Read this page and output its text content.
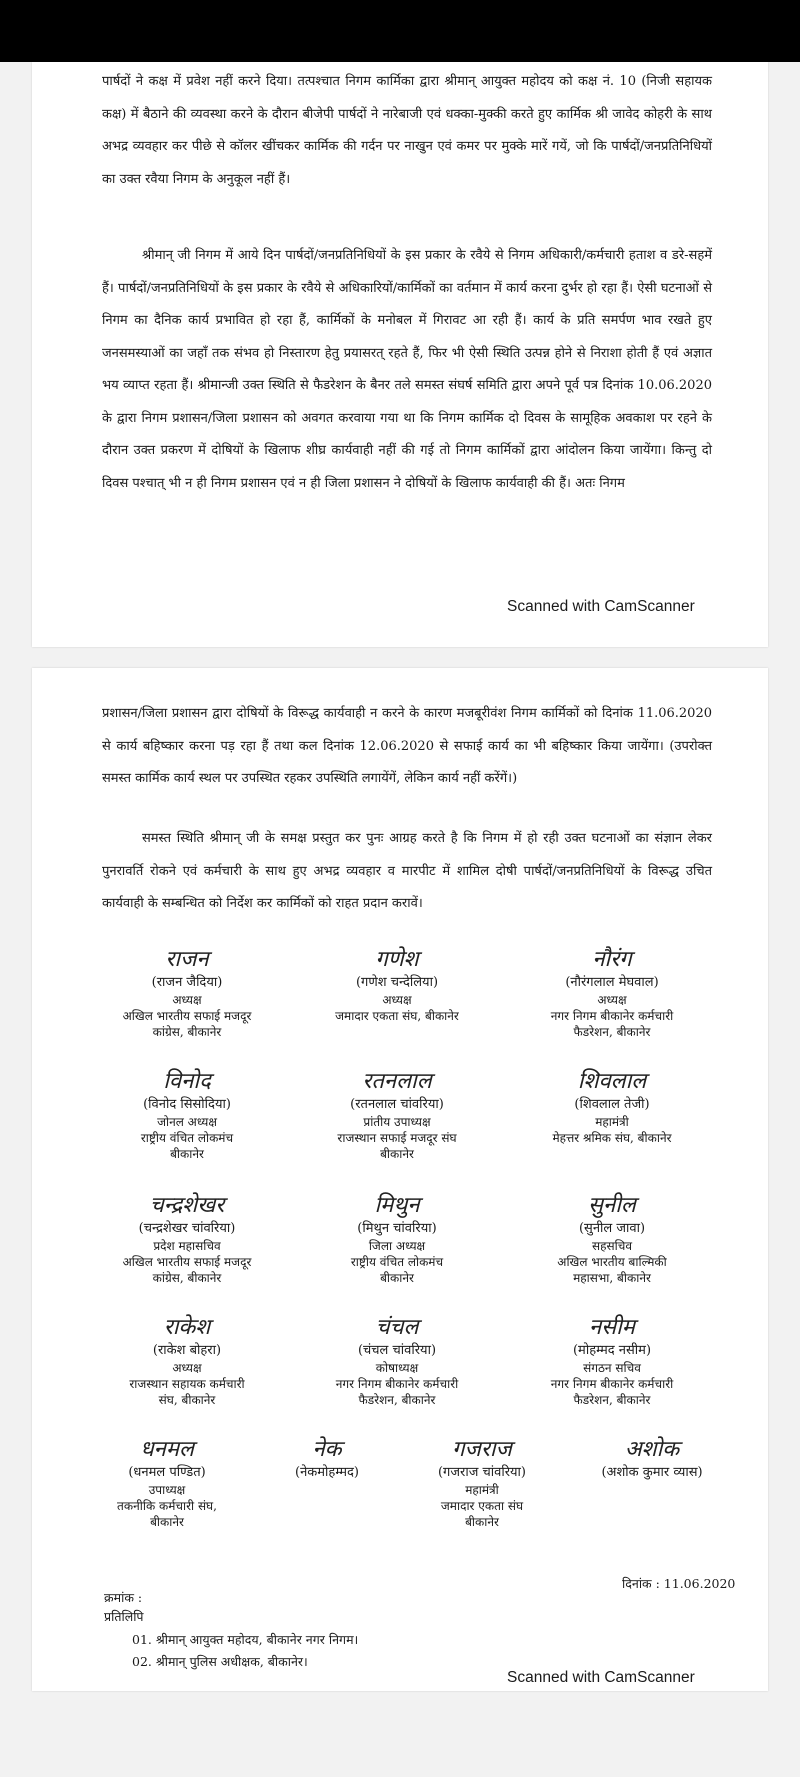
पार्षदों ने कक्ष में प्रवेश नहीं करने दिया। तत्पश्चात निगम कार्मिका द्वारा श्रीमान् आयुक्त महोदय को कक्ष नं. 10 (निजी सहायक कक्ष) में बैठाने की व्यवस्था करने के दौरान बीजेपी पार्षदों ने नारेबाजी एवं धक्का-मुक्की करते हुए कार्मिक श्री जावेद कोहरी के साथ अभद्र व्यवहार कर पीछे से कॉलर खींचकर कार्मिक की गर्दन पर नाखुन एवं कमर पर मुक्के मारें गयें, जो कि पार्षदों/जनप्रतिनिधियों का उक्त रवैया निगम के अनुकूल नहीं हैं।

श्रीमान् जी निगम में आये दिन पार्षदों/जनप्रतिनिधियों के इस प्रकार के रवैये से निगम अधिकारी/कर्मचारी हताश व डरे-सहमें हैं। पार्षदों/जनप्रतिनिधियों के इस प्रकार के रवैये से अधिकारियों/कार्मिकों का वर्तमान में कार्य करना दुर्भर हो रहा हैं। ऐसी घटनाओं से निगम का दैनिक कार्य प्रभावित हो रहा हैं, कार्मिकों के मनोबल में गिरावट आ रही हैं। कार्य के प्रति समर्पण भाव रखते हुए जनसमस्याओं का जहॉं तक संभव हो निस्तारण हेतु प्रयासरत् रहते हैं, फिर भी ऐसी स्थिति उत्पन्न होने से निराशा होती हैं एवं अज्ञात भय व्याप्त रहता हैं। श्रीमान्जी उक्त स्थिति से फैडरेशन के बैनर तले समस्त संघर्ष समिति द्वारा अपने पूर्व पत्र दिनांक 10.06.2020 के द्वारा निगम प्रशासन/जिला प्रशासन को अवगत करवाया गया था कि निगम कार्मिक दो दिवस के सामूहिक अवकाश पर रहने के दौरान उक्त प्रकरण में दोषियों के खिलाफ शीघ्र कार्यवाही नहीं की गई तो निगम कार्मिकों द्वारा आंदोलन किया जायेंगा। किन्तु दो दिवस पश्चात् भी न ही निगम प्रशासन एवं न ही जिला प्रशासन ने दोषियों के खिलाफ कार्यवाही की हैं। अतः निगम

Scanned with CamScanner

प्रशासन/जिला प्रशासन द्वारा दोषियों के विरूद्ध कार्यवाही न करने के कारण मजबूरीवंश निगम कार्मिकों को दिनांक 11.06.2020 से कार्य बहिष्कार करना पड़ रहा हैं तथा कल दिनांक 12.06.2020 से सफाई कार्य का भी बहिष्कार किया जायेंगा। (उपरोक्त समस्त कार्मिक कार्य स्थल पर उपस्थित रहकर उपस्थिति लगायेंगें, लेकिन कार्य नहीं करेंगें।)

समस्त स्थिति श्रीमान् जी के समक्ष प्रस्तुत कर पुनः आग्रह करते है कि निगम में हो रही उक्त घटनाओं का संज्ञान लेकर पुनरावर्ति रोकने एवं कर्मचारी के साथ हुए अभद्र व्यवहार व मारपीट में शामिल दोषी पार्षदों/जनप्रतिनिधियों के विरूद्ध उचित कार्यवाही के सम्बन्धित को निर्देश कर कार्मिकों को राहत प्रदान करावें।

राजन
(राजन जैदिया)
अध्यक्ष
अखिल भारतीय सफाई मजदूर
कांग्रेस, बीकानेर
गणेश
(गणेश चन्देलिया)
अध्यक्ष
जमादार एकता संघ, बीकानेर
नौरंग
(नौरंगलाल मेघवाल)
अध्यक्ष
नगर निगम बीकानेर कर्मचारी
फैडरेशन, बीकानेर
विनोद
(विनोद सिसोदिया)
जोनल अध्यक्ष
राष्ट्रीय वंचित लोकमंच
बीकानेर
रतनलाल
(रतनलाल चांवरिया)
प्रांतीय उपाध्यक्ष
राजस्थान सफाई मजदूर संघ
बीकानेर
शिवलाल
(शिवलाल तेजी)
महामंत्री
मेहत्तर श्रमिक संघ, बीकानेर
चन्द्रशेखर
(चन्द्रशेखर चांवरिया)
प्रदेश महासचिव
अखिल भारतीय सफाई मजदूर
कांग्रेस, बीकानेर
मिथुन
(मिथुन चांवरिया)
जिला अध्यक्ष
राष्ट्रीय वंचित लोकमंच
बीकानेर
सुनील
(सुनील जावा)
सहसचिव
अखिल भारतीय बाल्मिकी
महासभा, बीकानेर
राकेश
(राकेश बोहरा)
अध्यक्ष
राजस्थान सहायक कर्मचारी
संघ, बीकानेर
चंचल
(चंचल चांवरिया)
कोषाध्यक्ष
नगर निगम बीकानेर कर्मचारी
फैडरेशन, बीकानेर
नसीम
(मोहम्मद नसीम)
संगठन सचिव
नगर निगम बीकानेर कर्मचारी
फैडरेशन, बीकानेर
धनमल
(धनमल पण्डित)
उपाध्यक्ष
तकनीकि कर्मचारी संघ,
बीकानेर
नेक
(नेकमोहम्मद)
गजराज
(गजराज चांवरिया)
महामंत्री
जमादार एकता संघ
बीकानेर
अशोक
(अशोक कुमार व्यास)
क्रमांक :
दिनांक : 11.06.2020
प्रतिलिपि
01. श्रीमान् आयुक्त महोदय, बीकानेर नगर निगम।
02. श्रीमान् पुलिस अधीक्षक, बीकानेर।
Scanned with CamScanner
